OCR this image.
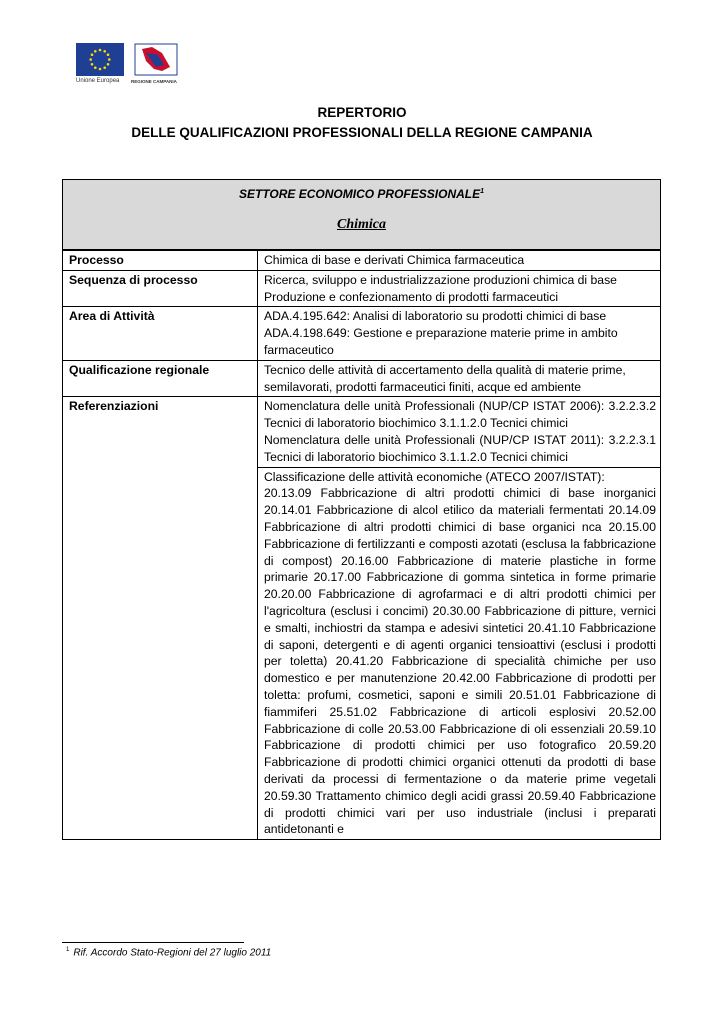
Unione Europea	REGIONE CAMPANIA
REPERTORIO
DELLE QUALIFICAZIONI PROFESSIONALI DELLA REGIONE CAMPANIA
SETTORE ECONOMICO PROFESSIONALE$^1$
Chimica
Processo	Chimica di base e derivati Chimica farmaceutica
Sequenza di processo	Ricerca, sviluppo e industrializzazione produzioni chimica di base
Produzione e confezionamento di prodotti farmaceutici

Area di Attività	ADA.4.195.642: Analisi di laboratorio su prodotti chimici di base
ADA.4.198.649: Gestione e preparazione materie prime in ambito farmaceutico

Qualificazione regionale	Tecnico delle attività di accertamento della qualità di materie prime, semilavorati, prodotti farmaceutici finiti, acque ed ambiente
Referenziazioni	Nomenclatura delle unità Professionali (NUP/CP ISTAT 2006): 3.2.2.3.2 Tecnici di laboratorio biochimico 3.1.1.2.0 Tecnici chimici
Nomenclatura delle unità Professionali (NUP/CP ISTAT 2011): 3.2.2.3.1 Tecnici di laboratorio biochimico 3.1.1.2.0 Tecnici chimici

	Classificazione delle attività economiche (ATECO 2007/ISTAT):
20.13.09 Fabbricazione di altri prodotti chimici di base inorganici 20.14.01 Fabbricazione di alcol etilico da materiali fermentati 20.14.09 Fabbricazione di altri prodotti chimici di base organici nca 20.15.00 Fabbricazione di fertilizzanti e composti azotati (esclusa la fabbricazione di compost) 20.16.00 Fabbricazione di materie plastiche in forme primarie 20.17.00 Fabbricazione di gomma sintetica in forme primarie 20.20.00 Fabbricazione di agrofarmaci e di altri prodotti chimici per l'agricoltura (esclusi i concimi) 20.30.00 Fabbricazione di pitture, vernici e smalti, inchiostri da stampa e adesivi sintetici 20.41.10 Fabbricazione di saponi, detergenti e di agenti organici tensioattivi (esclusi i prodotti per toletta) 20.41.20 Fabbricazione di specialità chimiche per uso domestico e per manutenzione 20.42.00 Fabbricazione di prodotti per toletta: profumi, cosmetici, saponi e simili 20.51.01 Fabbricazione di fiammiferi 25.51.02 Fabbricazione di articoli esplosivi 20.52.00 Fabbricazione di colle 20.53.00 Fabbricazione di oli essenziali 20.59.10 Fabbricazione di prodotti chimici per uso fotografico 20.59.20 Fabbricazione di prodotti chimici organici ottenuti da prodotti di base derivati da processi di fermentazione o da materie prime vegetali 20.59.30 Trattamento chimico degli acidi grassi 20.59.40 Fabbricazione di prodotti chimici vari per uso industriale (inclusi i preparati antidetonanti e
$^1$ Rif. Accordo Stato-Regioni del 27 luglio 2011
